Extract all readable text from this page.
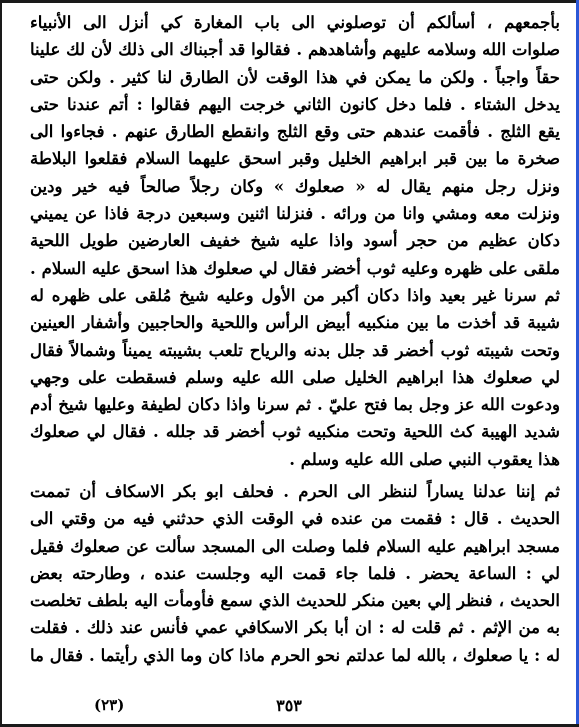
بأجمعهم ، أسألكم أن توصلوني الى باب المغارة كي أنزل الى الأنبياء
صلوات الله وسلامه عليهم وأشاهدهم . فقالوا قد أجبناك الى ذلك لأن لك علينا
حقاً واجباً . ولكن ما يمكن في هذا الوقت لأن الطارق لنا كثير . ولكن حتى
يدخل الشتاء . فلما دخل كانون الثاني خرجت اليهم فقالوا : أتم عندنا حتى
يقع الثلج . فأقمت عندهم حتى وقع الثلج وانقطع الطارق عنهم . فجاءوا الى
صخرة ما بين قبر ابراهيم الخليل وقبر اسحق عليهما السلام فقلعوا البلاطة
ونزل رجل منهم يقال له « صعلوك » وكان رجلاً صالحاً فيه خير ودين
ونزلت معه ومشي وانا من ورائه . فنزلنا اثنين وسبعين درجة فاذا عن يميني
دكان عظيم من حجر أسود واذا عليه شيخ خفيف العارضين طويل اللحية
ملقى على ظهره وعليه ثوب أخضر فقال لي صعلوك هذا اسحق عليه السلام .
ثم سرنا غير بعيد واذا دكان أكبر من الأول وعليه شيخ مُلقى على ظهره له
شيبة قد أخذت ما بين منكبيه أبيض الرأس واللحية والحاجبين وأشفار العينين
وتحت شيبته ثوب أخضر قد جلل بدنه والرياح تلعب بشيبته يميناً وشمالاً فقال
لي صعلوك هذا ابراهيم الخليل صلى الله عليه وسلم فسقطت على وجهي
ودعوت الله عز وجل بما فتح عليّ . ثم سرنا واذا دكان لطيفة وعليها شيخ أدم
شديد الهيبة كث اللحية وتحت منكبيه ثوب أخضر قد جلله . فقال لي صعلوك
هذا يعقوب النبي صلى الله عليه وسلم .
ثم إننا عدلنا يساراً لننظر الى الحرم . فحلف ابو بكر الاسكاف أن تممت
الحديث . قال : فقمت من عنده في الوقت الذي حدثني فيه من وقتي الى
مسجد ابراهيم عليه السلام فلما وصلت الى المسجد سألت عن صعلوك فقيل
لي : الساعة يحضر . فلما جاء قمت اليه وجلست عنده ، وطارحته بعض
الحديث ، فنظر إلي بعين منكر للحديث الذي سمع فأومأت اليه بلطف تخلصت
به من الإثم . ثم قلت له : ان أبا بكر الاسكافي عمي فأنس عند ذلك . فقلت
له : يا صعلوك ، بالله لما عدلتم نحو الحرم ماذا كان وما الذي رأيتما . فقال ما
٣٥٣
(٢٣)
